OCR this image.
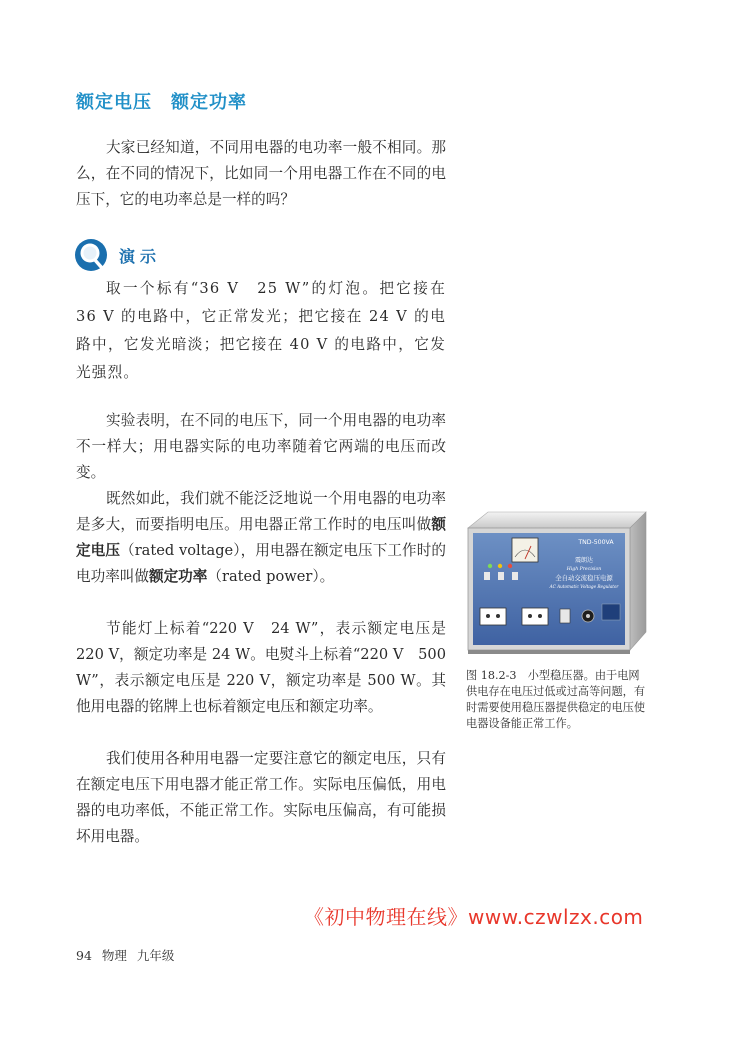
额定电压　额定功率

大家已经知道，不同用电器的电功率一般不相同。那么，在不同的情况下，比如同一个用电器工作在不同的电压下，它的电功率总是一样的吗？

演示

取一个标有“36 V　25 W”的灯泡。把它接在 36 V 的电路中，它正常发光；把它接在 24 V 的电路中，它发光暗淡；把它接在 40 V 的电路中，它发光强烈。

实验表明，在不同的电压下，同一个用电器的电功率不一样大；用电器实际的电功率随着它两端的电压而改变。

既然如此，我们就不能泛泛地说一个用电器的电功率是多大，而要指明电压。用电器正常工作时的电压叫做额定电压（rated voltage），用电器在额定电压下工作时的电功率叫做额定功率（rated power）。

节能灯上标着“220 V　24 W”，表示额定电压是 220 V，额定功率是 24 W。电熨斗上标着“220 V　500 W”，表示额定电压是 220 V，额定功率是 500 W。其他用电器的铭牌上也标着额定电压和额定功率。

我们使用各种用电器一定要注意它的额定电压，只有在额定电压下用电器才能正常工作。实际电压偏低，用电器的电功率低，不能正常工作。实际电压偏高，有可能损坏用电器。

TND-500VA
震朗达
High Precision
全自动交流稳压电源
AC Automatic Voltage Regulator

图 18.2-3　小型稳压器。由于电网供电存在电压过低或过高等问题，有时需要使用稳压器提供稳定的电压使电器设备能正常工作。

《初中物理在线》www.czwlzx.com
94 物理 九年级
